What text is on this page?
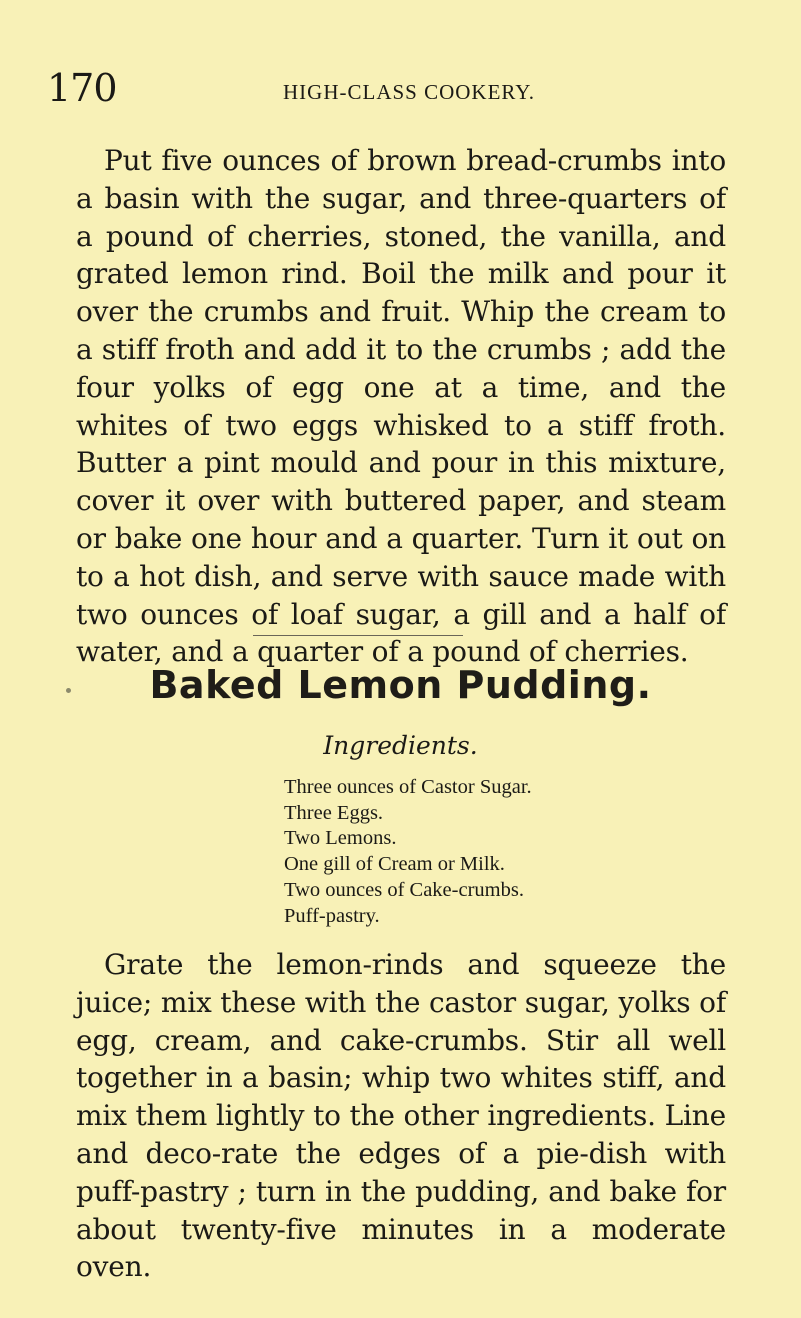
170	HIGH-CLASS COOKERY.

Put five ounces of brown bread-crumbs into a basin with the sugar, and three-quarters of a pound of cherries, stoned, the vanilla, and grated lemon rind. Boil the milk and pour it over the crumbs and fruit. Whip the cream to a stiff froth and add it to the crumbs ; add the four yolks of egg one at a time, and the whites of two eggs whisked to a stiff froth. Butter a pint mould and pour in this mixture, cover it over with buttered paper, and steam or bake one hour and a quarter. Turn it out on to a hot dish, and serve with sauce made with two ounces of loaf sugar, a gill and a half of water, and a quarter of a pound of cherries.

Baked Lemon Pudding.
Ingredients.
Three ounces of Castor Sugar.
Three Eggs.
Two Lemons.
One gill of Cream or Milk.
Two ounces of Cake-crumbs.
Puff-pastry.

Grate the lemon-rinds and squeeze the juice; mix these with the castor sugar, yolks of egg, cream, and cake-crumbs. Stir all well together in a basin; whip two whites stiff, and mix them lightly to the other ingredients. Line and deco-rate the edges of a pie-dish with puff-pastry ; turn in the pudding, and bake for about twenty-five minutes in a moderate oven.
